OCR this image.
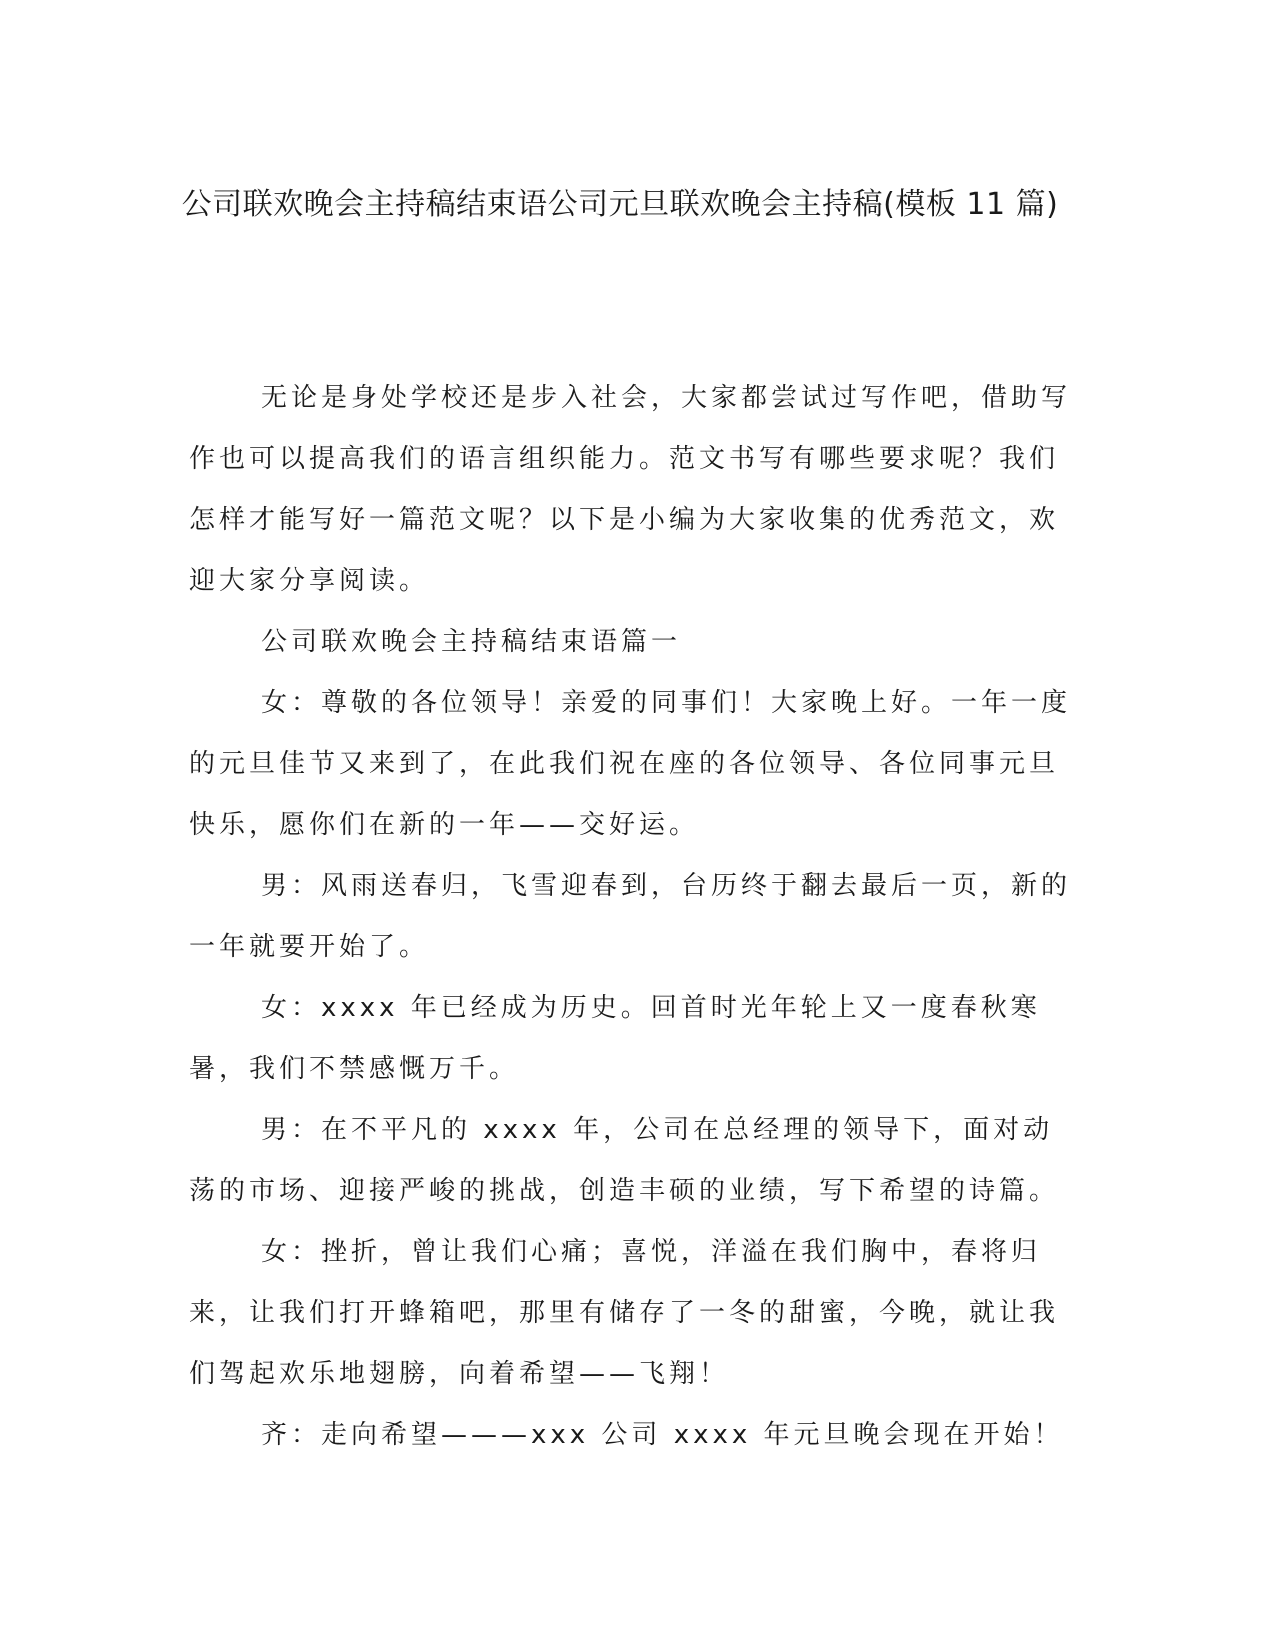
公司联欢晚会主持稿结束语公司元旦联欢晚会主持稿(模板 11 篇)

无论是身处学校还是步入社会，大家都尝试过写作吧，借助写作也可以提高我们的语言组织能力。范文书写有哪些要求呢？我们怎样才能写好一篇范文呢？以下是小编为大家收集的优秀范文，欢迎大家分享阅读。

公司联欢晚会主持稿结束语篇一

女：尊敬的各位领导！亲爱的同事们！大家晚上好。一年一度的元旦佳节又来到了，在此我们祝在座的各位领导、各位同事元旦快乐，愿你们在新的一年——交好运。

男：风雨送春归，飞雪迎春到，台历终于翻去最后一页，新的一年就要开始了。

女：xxxx 年已经成为历史。回首时光年轮上又一度春秋寒暑，我们不禁感慨万千。

男：在不平凡的 xxxx 年，公司在总经理的领导下，面对动荡的市场、迎接严峻的挑战，创造丰硕的业绩，写下希望的诗篇。

女：挫折，曾让我们心痛；喜悦，洋溢在我们胸中，春将归来，让我们打开蜂箱吧，那里有储存了一冬的甜蜜，今晚，就让我们驾起欢乐地翅膀，向着希望——飞翔！

齐：走向希望———xxx 公司 xxxx 年元旦晚会现在开始！
